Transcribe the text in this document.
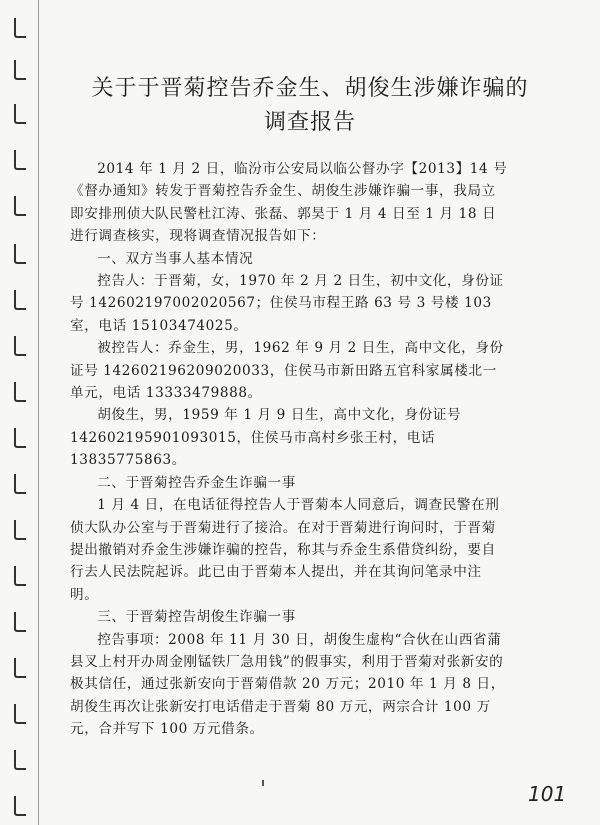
关于于晋菊控告乔金生、胡俊生涉嫌诈骗的
调查报告

2014 年 1 月 2 日，临汾市公安局以临公督办字【2013】14 号《督办通知》转发于晋菊控告乔金生、胡俊生涉嫌诈骗一事，我局立即安排刑侦大队民警杜江涛、张磊、郭昊于 1 月 4 日至 1 月 18 日进行调查核实，现将调查情况报告如下：

一、双方当事人基本情况

控告人：于晋菊，女，1970 年 2 月 2 日生，初中文化，身份证号 142602197002020567；住侯马市程王路 63 号 3 号楼 103 室，电话 15103474025。

被控告人：乔金生，男，1962 年 9 月 2 日生，高中文化，身份证号 142602196209020033，住侯马市新田路五官科家属楼北一单元，电话 13333479888。

胡俊生，男，1959 年 1 月 9 日生，高中文化，身份证号 142602195901093015，住侯马市高村乡张王村，电话 13835775863。

二、于晋菊控告乔金生诈骗一事

1 月 4 日，在电话征得控告人于晋菊本人同意后，调查民警在刑侦大队办公室与于晋菊进行了接洽。在对于晋菊进行询问时，于晋菊提出撤销对乔金生涉嫌诈骗的控告，称其与乔金生系借贷纠纷，要自行去人民法院起诉。此已由于晋菊本人提出，并在其询问笔录中注明。

三、于晋菊控告胡俊生诈骗一事

控告事项：2008 年 11 月 30 日，胡俊生虚构“合伙在山西省蒲县叉上村开办周金刚锰铁厂急用钱”的假事实，利用于晋菊对张新安的极其信任，通过张新安向于晋菊借款 20 万元；2010 年 1 月 8 日，胡俊生再次让张新安打电话借走于晋菊 80 万元，两宗合计 100 万元，合并写下 100 万元借条。

101
